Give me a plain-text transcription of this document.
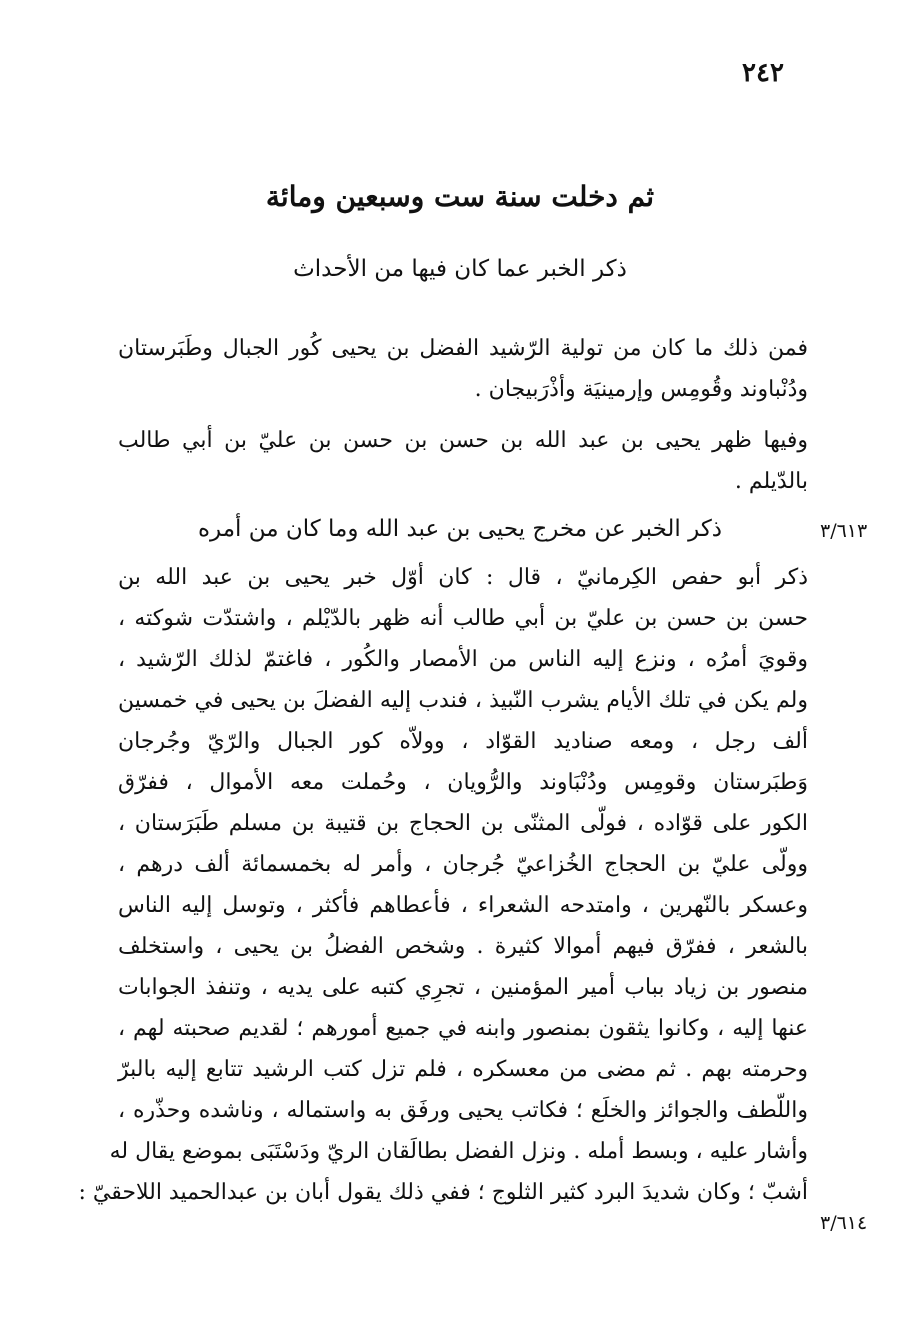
٢٤٢
ثم دخلت سنة ست وسبعين ومائة
ذكر الخبر عما كان فيها من الأحداث
فمن ذلك ما كان من تولية الرّشيد الفضل بن يحيى كُور الجبال وطَبَرستان
ودُنْباوند وقُومِس وإرمينيَة وأذْرَبيجان .
وفيها ظهر يحيى بن عبد الله بن حسن بن حسن بن عليّ بن أبي طالب
بالدّيلم .
٣/٦١٣
ذكر الخبر عن مخرج يحيى بن عبد الله وما كان من أمره
ذكر أبو حفص الكِرمانيّ ، قال : كان أوّل خبر يحيى بن عبد الله بن
حسن بن حسن بن عليّ بن أبي طالب أنه ظهر بالدّيْلم ، واشتدّت شوكته ،
وقويَ أمرُه ، ونزع إليه الناس من الأمصار والكُور ، فاغتمّ لذلك الرّشيد ،
ولم يكن في تلك الأيام يشرب النّبيذ ، فندب إليه الفضلَ بن يحيى في خمسين
ألف رجل ، ومعه صناديد القوّاد ، وولاّه كور الجبال والرّيّ وجُرجان
وَطبَرستان وقومِس ودُنْبَاوند والرُّويان ، وحُملت معه الأموال ، ففرّق
الكور على قوّاده ، فولّى المثنّى بن الحجاج بن قتيبة بن مسلم طَبَرَستان ،
وولّى عليّ بن الحجاج الخُزاعيّ جُرجان ، وأمر له بخمسمائة ألف درهم ،
وعسكر بالنّهرين ، وامتدحه الشعراء ، فأعطاهم فأكثر ، وتوسل إليه الناس
بالشعر ، ففرّق فيهم أموالا كثيرة . وشخص الفضلُ بن يحيى ، واستخلف
منصور بن زياد بباب أمير المؤمنين ، تجرِي كتبه على يديه ، وتنفذ الجوابات
عنها إليه ، وكانوا يثقون بمنصور وابنه في جميع أمورهم ؛ لقديم صحبته لهم ،
وحرمته بهم . ثم مضى من معسكره ، فلم تزل كتب الرشيد تتابع إليه بالبرّ
واللّطف والجوائز والخلَع ؛ فكاتب يحيى ورفَق به واستماله ، وناشده وحذّره ،
وأشار عليه ، وبسط أمله . ونزل الفضل بطالَقان الريّ ودَسْتَبَى بموضع يقال له
أشبّ ؛ وكان شديدَ البرد كثير الثلوج ؛ ففي ذلك يقول أبان بن عبدالحميد اللاحقيّ :
٣/٦١٤
